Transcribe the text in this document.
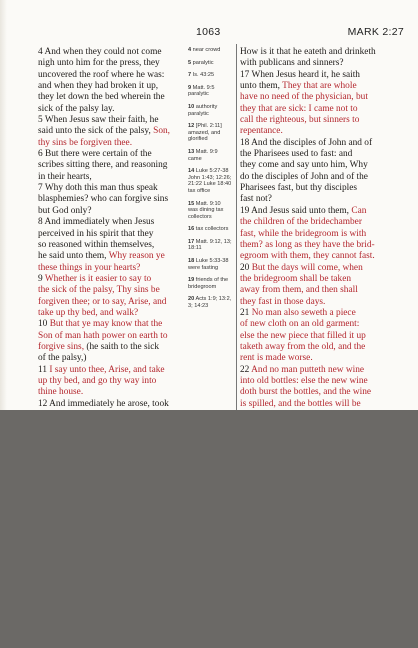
1063	MARK 2:27
4 And when they could not come
nigh unto him for the press, they
uncovered the roof where he was:
and when they had broken it up,
they let down the bed wherein the
sick of the palsy lay.
5 When Jesus saw their faith, he
said unto the sick of the palsy, Son,
thy sins be forgiven thee.
6 But there were certain of the
scribes sitting there, and reasoning
in their hearts,
7 Why doth this man thus speak
blasphemies? who can forgive sins
but God only?
8 And immediately when Jesus
perceived in his spirit that they
so reasoned within themselves,
he said unto them, Why reason ye
these things in your hearts?
9 Whether is it easier to say to
the sick of the palsy, Thy sins be
forgiven thee; or to say, Arise, and
take up thy bed, and walk?
10 But that ye may know that the
Son of man hath power on earth to
forgive sins, (he saith to the sick
of the palsy,)
11 I say unto thee, Arise, and take
up thy bed, and go thy way into
thine house.
12 And immediately he arose, took
4 near crowd
5 paralytic
7 Is. 43:25
9 Matt. 9:5 paralytic
10 authority paralytic
12 [Phil. 2:11] amazed, and glorified
13 Matt. 9:9 came
14 Luke 5:27-38 John 1:43; 12:26; 21:22 Luke 18:40 tax office
15 Matt. 9:10 was dining tax collectors
16 tax collectors
17 Matt. 9:12, 13; 18:11
18 Luke 5:33-38 were fasting
19 friends of the bridegroom
20 Acts 1:9; 13:2, 3; 14:23
How is it that he eateth and drinketh
with publicans and sinners?
17 When Jesus heard it, he saith
unto them, They that are whole
have no need of the physician, but
they that are sick: I came not to
call the righteous, but sinners to
repentance.
18 And the disciples of John and of
the Pharisees used to fast: and
they come and say unto him, Why
do the disciples of John and of the
Pharisees fast, but thy disciples
fast not?
19 And Jesus said unto them, Can
the children of the bridechamber
fast, while the bridegroom is with
them? as long as they have the brid-
egroom with them, they cannot fast.
20 But the days will come, when
the bridegroom shall be taken
away from them, and then shall
they fast in those days.
21 No man also seweth a piece
of new cloth on an old garment:
else the new piece that filled it up
taketh away from the old, and the
rent is made worse.
22 And no man putteth new wine
into old bottles: else the new wine
doth burst the bottles, and the wine
is spilled, and the bottles will be
